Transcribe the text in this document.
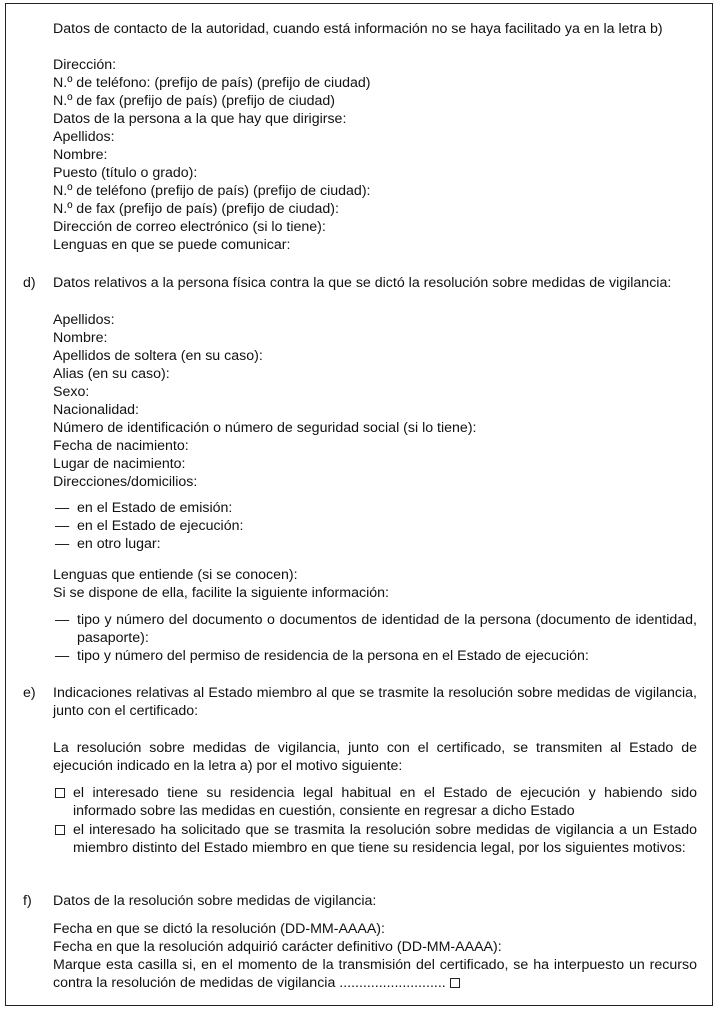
Datos de contacto de la autoridad, cuando está información no se haya facilitado ya en la letra b)
Dirección:
N.º de teléfono: (prefijo de país) (prefijo de ciudad)
N.º de fax (prefijo de país) (prefijo de ciudad)
Datos de la persona a la que hay que dirigirse:
Apellidos:
Nombre:
Puesto (título o grado):
N.º de teléfono (prefijo de país) (prefijo de ciudad):
N.º de fax (prefijo de país) (prefijo de ciudad):
Dirección de correo electrónico (si lo tiene):
Lenguas en que se puede comunicar:
d) Datos relativos a la persona física contra la que se dictó la resolución sobre medidas de vigilancia:
Apellidos:
Nombre:
Apellidos de soltera (en su caso):
Alias (en su caso):
Sexo:
Nacionalidad:
Número de identificación o número de seguridad social (si lo tiene):
Fecha de nacimiento:
Lugar de nacimiento:
Direcciones/domicilios:
— en el Estado de emisión:
— en el Estado de ejecución:
— en otro lugar:
Lenguas que entiende (si se conocen):
Si se dispone de ella, facilite la siguiente información:
— tipo y número del documento o documentos de identidad de la persona (documento de identidad, pasaporte):
— tipo y número del permiso de residencia de la persona en el Estado de ejecución:
e) Indicaciones relativas al Estado miembro al que se trasmite la resolución sobre medidas de vigilancia, junto con el certificado:
La resolución sobre medidas de vigilancia, junto con el certificado, se transmiten al Estado de ejecución indicado en la letra a) por el motivo siguiente:
el interesado tiene su residencia legal habitual en el Estado de ejecución y habiendo sido informado sobre las medidas en cuestión, consiente en regresar a dicho Estado
el interesado ha solicitado que se trasmita la resolución sobre medidas de vigilancia a un Estado miembro distinto del Estado miembro en que tiene su residencia legal, por los siguientes motivos:
f) Datos de la resolución sobre medidas de vigilancia:
Fecha en que se dictó la resolución (DD-MM-AAAA):
Fecha en que la resolución adquirió carácter definitivo (DD-MM-AAAA):
Marque esta casilla si, en el momento de la transmisión del certificado, se ha interpuesto un recurso contra la resolución de medidas de vigilancia ...........................
